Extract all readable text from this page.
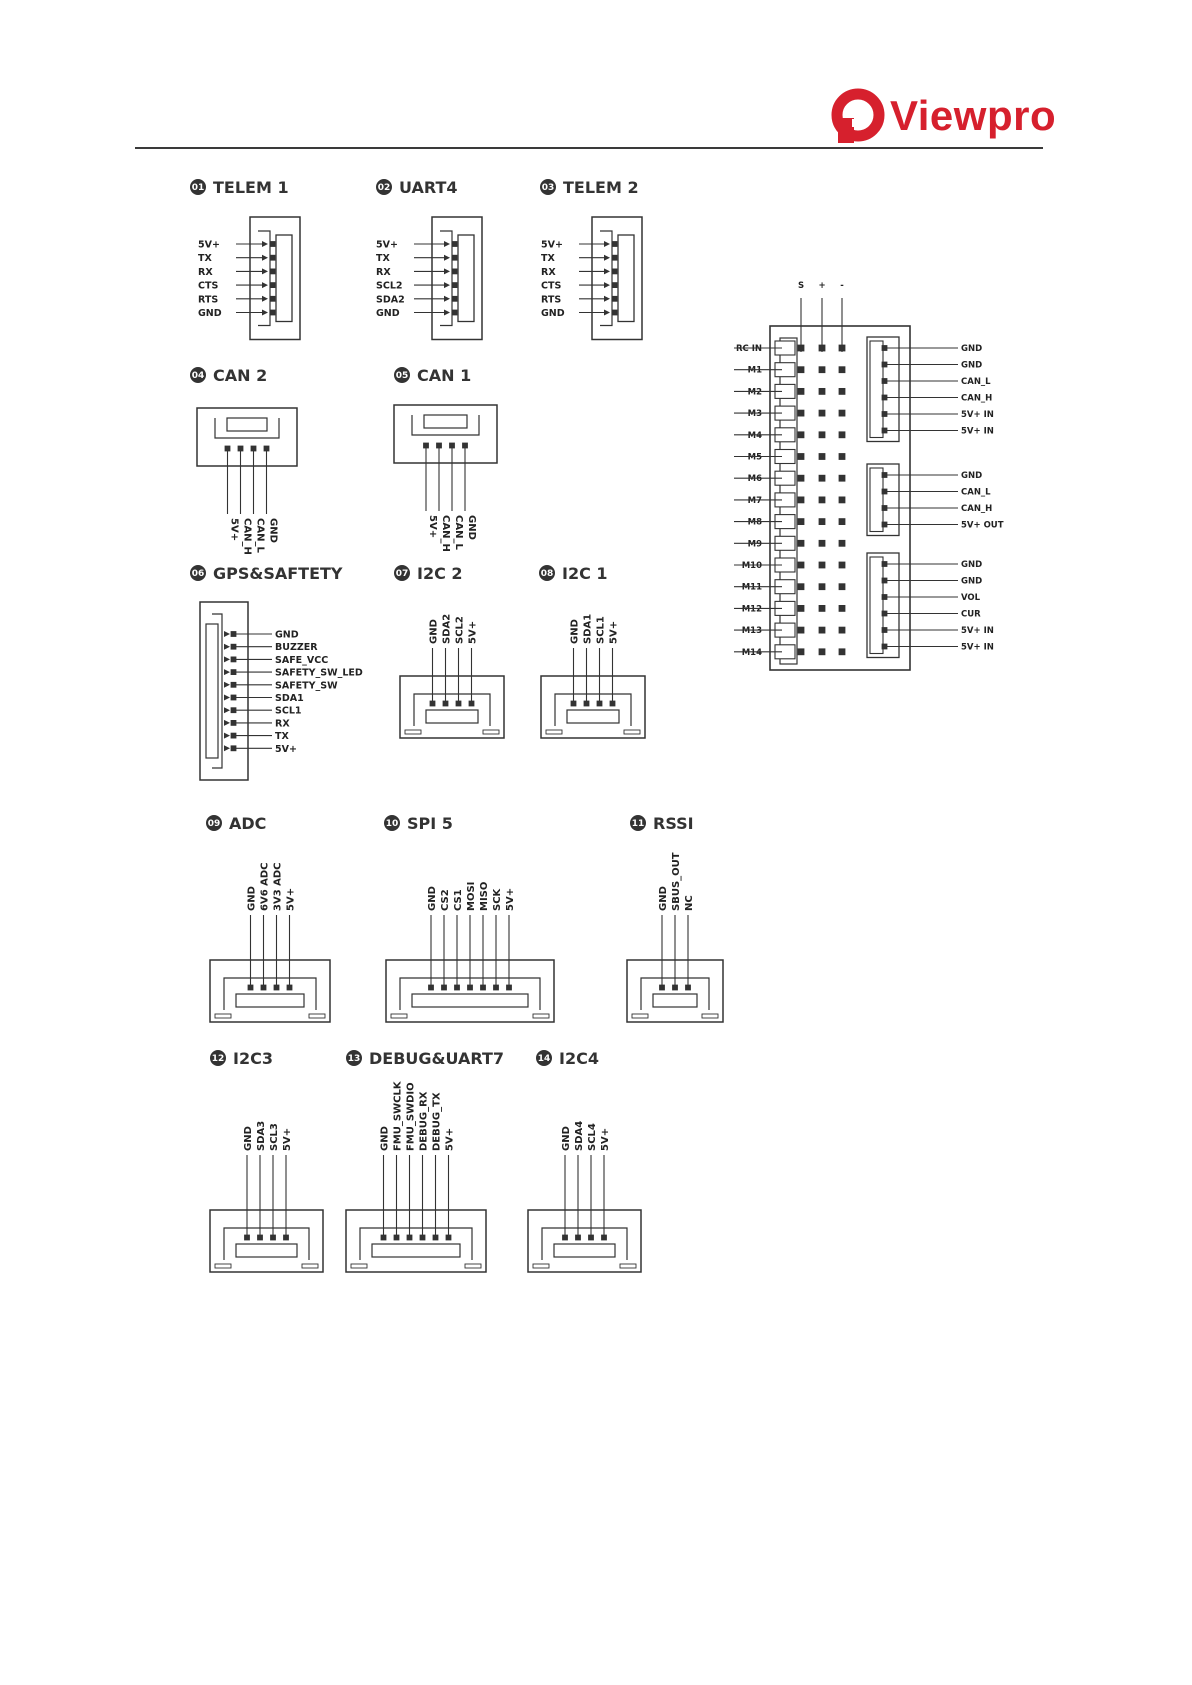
Viewpro
01 TELEM 1	02 UART4	03 TELEM 2
5V+
TX
RX
CTS
RTS
GND
5V+
TX
RX
SCL2
SDA2
GND
5V+
TX
RX
CTS
RTS
GND
04 CAN 2	05 CAN 1
5V+ CAN_H CAN_L GND	5V+ CAN_H CAN_L GND
06 GPS&SAFTETY
GND
BUZZER
SAFE_VCC
SAFETY_SW_LED
SAFETY_SW
SDA1
SCL1
RX
TX
5V+
07 I2C 2	08 I2C 1
GND SDA2 SCL2 5V+	GND SDA1 SCL1 5V+
09 ADC	10 SPI 5	11 RSSI
GND 6V6 ADC 3V3 ADC 5V+	GND CS2 CS1 MOSI MISO SCK 5V+	GND SBUS_OUT NC
12 I2C3	13 DEBUG&UART7	14 I2C4
GND SDA3 SCL3 5V+	GND FMU_SWCLK FMU_SWDIO DEBUG_RX DEBUG_TX 5V+	GND SDA4 SCL4 5V+
S + -
RC IN
M1
M2
M3
M4
M5
M6
M7
M8
M9
M10
M11
M12
M13
M14
GND
GND
CAN_L
CAN_H
5V+ IN
5V+ IN
GND
CAN_L
CAN_H
5V+ OUT
GND
GND
VOL
CUR
5V+ IN
5V+ IN
